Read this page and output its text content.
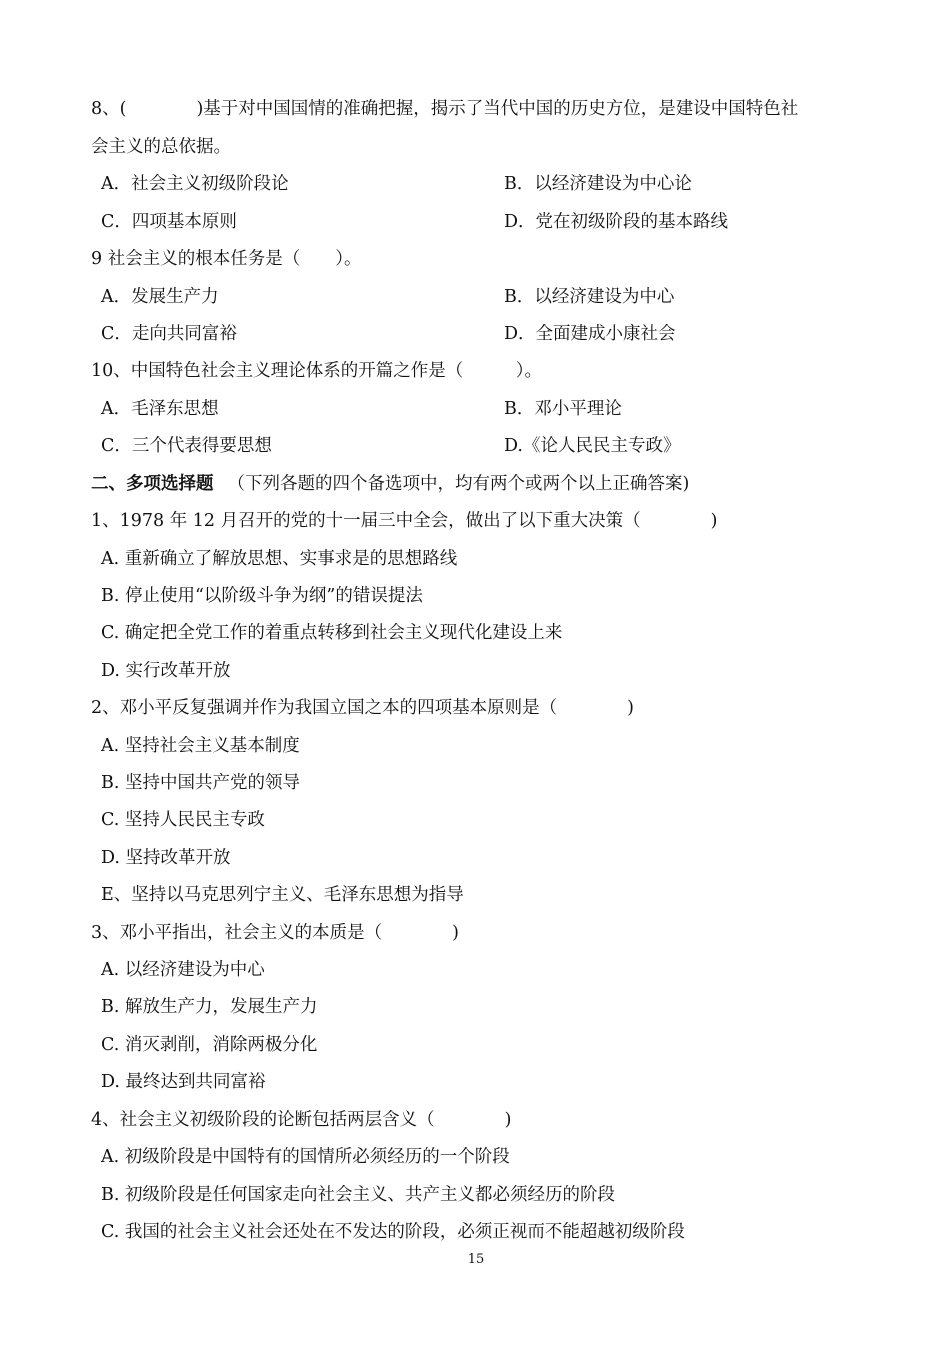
8、(　　　　)基于对中国国情的准确把握，揭示了当代中国的历史方位，是建设中国特色社

会主义的总依据。

A．社会主义初级阶段论	B．以经济建设为中心论
C．四项基本原则	D．党在初级阶段的基本路线

9 社会主义的根本任务是（　　）。

A．发展生产力	B．以经济建设为中心
C．走向共同富裕	D．全面建成小康社会

10、中国特色社会主义理论体系的开篇之作是（　　　）。

A．毛泽东思想	B．邓小平理论
C．三个代表得要思想	D.《论人民民主专政》
二、多项选择题 （下列各题的四个备选项中，均有两个或两个以上正确答案)

1、1978 年 12 月召开的党的十一届三中全会，做出了以下重大决策（　　　　)

A. 重新确立了解放思想、实事求是的思想路线
B. 停止使用“以阶级斗争为纲”的错误提法
C. 确定把全党工作的着重点转移到社会主义现代化建设上来
D. 实行改革开放

2、邓小平反复强调并作为我国立国之本的四项基本原则是（　　　　)

A. 坚持社会主义基本制度
B. 坚持中国共产党的领导
C. 坚持人民民主专政
D. 坚持改革开放
E、坚持以马克思列宁主义、毛泽东思想为指导

3、邓小平指出，社会主义的本质是（　　　　)

A. 以经济建设为中心
B. 解放生产力，发展生产力
C. 消灭剥削，消除两极分化
D. 最终达到共同富裕

4、社会主义初级阶段的论断包括两层含义（　　　　)

A. 初级阶段是中国特有的国情所必须经历的一个阶段
B. 初级阶段是任何国家走向社会主义、共产主义都必须经历的阶段
C. 我国的社会主义社会还处在不发达的阶段，必须正视而不能超越初级阶段
15
